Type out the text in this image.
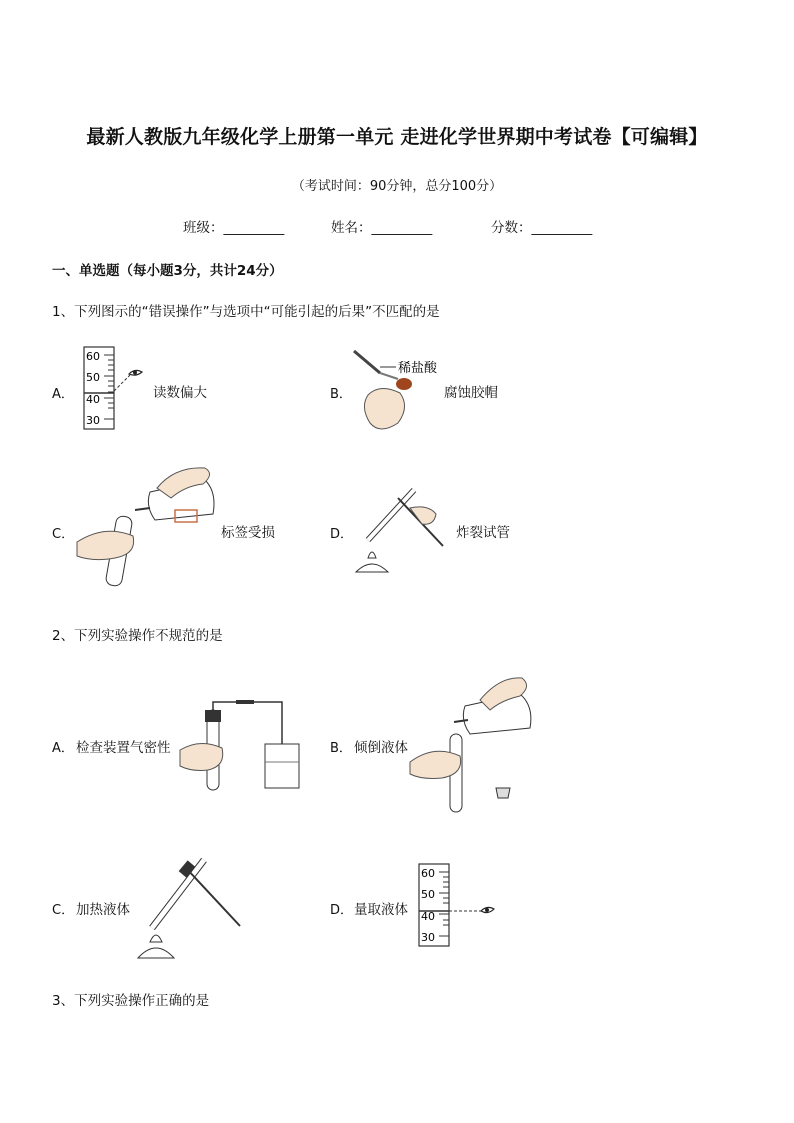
最新人教版九年级化学上册第一单元 走进化学世界期中考试卷【可编辑】
（考试时间：90分钟，总分100分）
班级：_________	姓名：_________	分数：_________
一、单选题（每小题3分，共计24分）
1、下列图示的“错误操作”与选项中“可能引起的后果”不匹配的是
A．
60
50
40
30
读数偏大	B．
稀盐酸
腐蚀胶帽
C．	标签受损	D．	炸裂试管
2、下列实验操作不规范的是
A． 检查装置气密性	B． 倾倒液体
C． 加热液体	D． 量取液体
60
50
40
30
3、下列实验操作正确的是
